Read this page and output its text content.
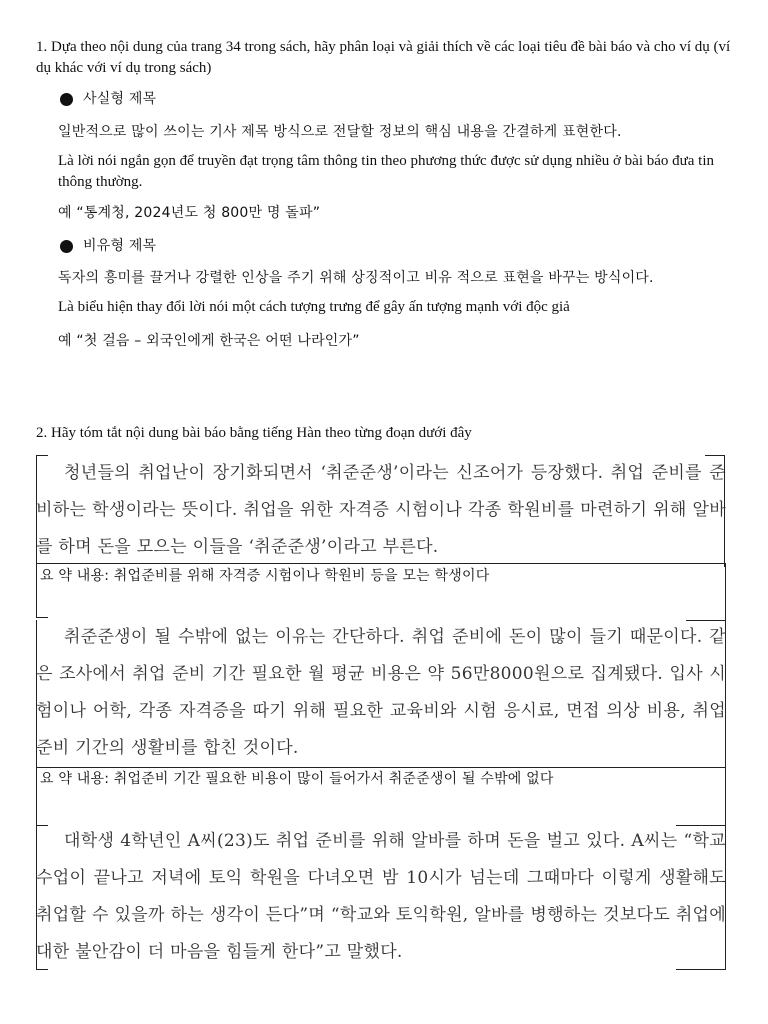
1. Dựa theo nội dung của trang 34 trong sách, hãy phân loại và giải thích về các loại tiêu đề bài báo và cho ví dụ (ví dụ khác với ví dụ trong sách)
사실형 제목
일반적으로 많이 쓰이는 기사 제목 방식으로 전달할 정보의 핵심 내용을 간결하게 표현한다.
Là lời nói ngắn gọn để truyền đạt trọng tâm thông tin theo phương thức được sử dụng nhiều ở bài báo đưa tin thông thường.
예 “통계청, 2024년도 청 800만 명 돌파”
비유형 제목
독자의 흥미를 끌거나 강렬한 인상을 주기 위해 상징적이고 비유 적으로 표현을 바꾸는 방식이다.
Là biểu hiện thay đổi lời nói một cách tượng trưng để gây ấn tượng mạnh với độc giả
예 “첫 걸음 – 외국인에게 한국은 어떤 나라인가”
2. Hãy tóm tắt nội dung bài báo bằng tiếng Hàn theo từng đoạn dưới đây

청년들의 취업난이 장기화되면서 ‘취준준생’이라는 신조어가 등장했다. 취업 준비를 준비하는 학생이라는 뜻이다. 취업을 위한 자격증 시험이나 각종 학원비를 마련하기 위해 알바를 하며 돈을 모으는 이들을 ‘취준준생’이라고 부른다.

요 약 내용: 취업준비를 위해 자격증 시험이나 학원비 등을 모는 학생이다

취준준생이 될 수밖에 없는 이유는 간단하다. 취업 준비에 돈이 많이 들기 때문이다. 같은 조사에서 취업 준비 기간 필요한 월 평균 비용은 약 56만8000원으로 집계됐다. 입사 시험이나 어학, 각종 자격증을 따기 위해 필요한 교육비와 시험 응시료, 면접 의상 비용, 취업 준비 기간의 생활비를 합친 것이다.

요 약 내용: 취업준비 기간 필요한 비용이 많이 들어가서 취준준생이 될 수밖에 없다

대학생 4학년인 A씨(23)도 취업 준비를 위해 알바를 하며 돈을 벌고 있다. A씨는 “학교 수업이 끝나고 저녁에 토익 학원을 다녀오면 밤 10시가 넘는데 그때마다 이렇게 생활해도 취업할 수 있을까 하는 생각이 든다”며 “학교와 토익학원, 알바를 병행하는 것보다도 취업에 대한 불안감이 더 마음을 힘들게 한다”고 말했다.
